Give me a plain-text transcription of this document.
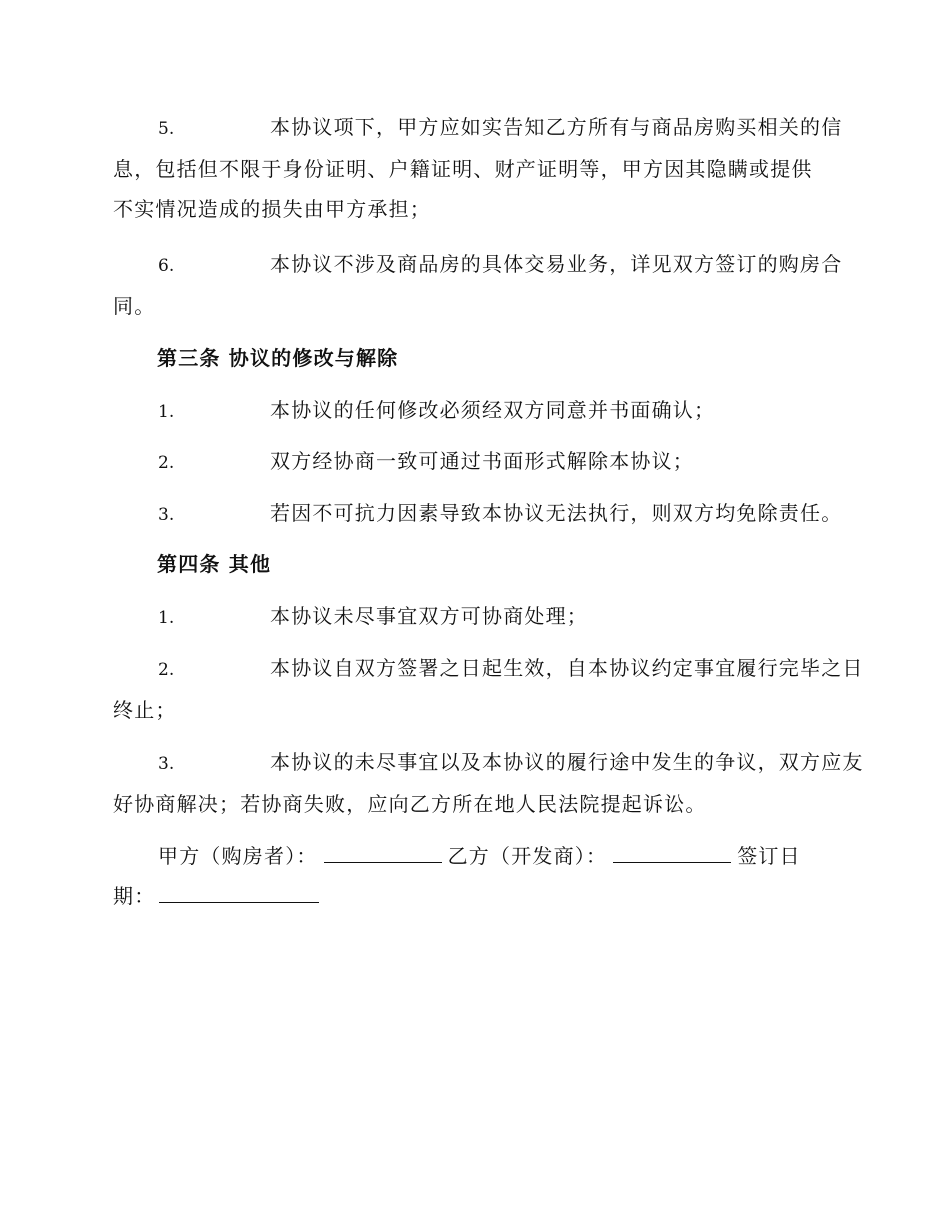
5.	本协议项下，甲方应如实告知乙方所有与商品房购买相关的信
息，包括但不限于身份证明、户籍证明、财产证明等，甲方因其隐瞒或提供
不实情况造成的损失由甲方承担；
6.	本协议不涉及商品房的具体交易业务，详见双方签订的购房合
同。
第三条 协议的修改与解除
1.	本协议的任何修改必须经双方同意并书面确认；
2.	双方经协商一致可通过书面形式解除本协议；
3.	若因不可抗力因素导致本协议无法执行，则双方均免除责任。
第四条 其他
1.	本协议未尽事宜双方可协商处理；
2.	本协议自双方签署之日起生效，自本协议约定事宜履行完毕之日
终止；
3.	本协议的未尽事宜以及本协议的履行途中发生的争议，双方应友
好协商解决；若协商失败，应向乙方所在地人民法院提起诉讼。
甲方（购房者）：	乙方（开发商）：	签订日
期：
